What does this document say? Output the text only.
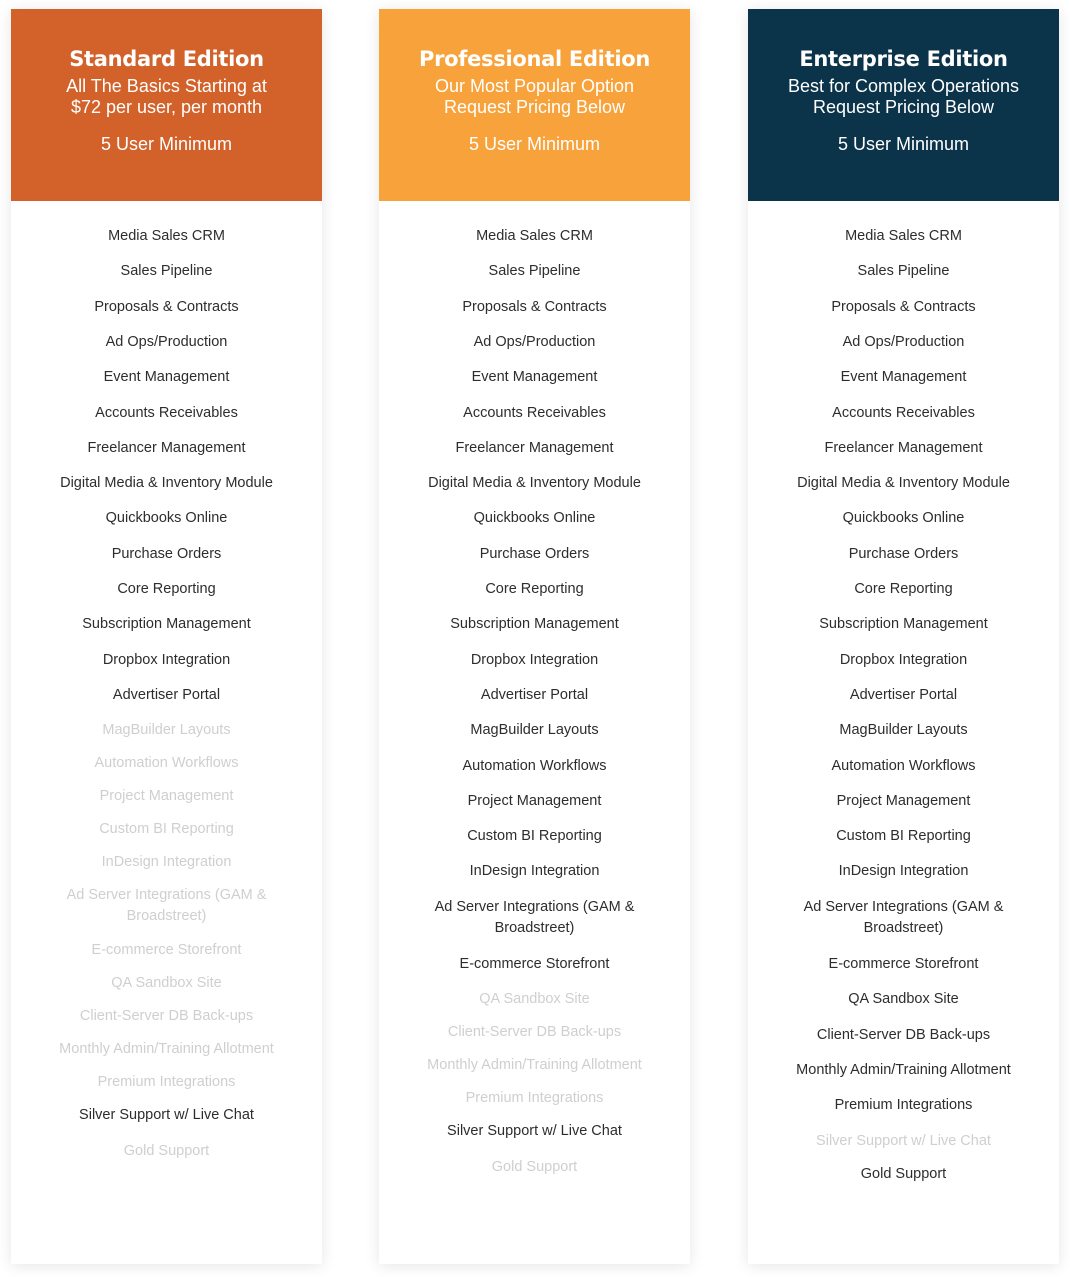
Standard Edition
All The Basics Starting at
$72 per user, per month
5 User Minimum
Media Sales CRM
Sales Pipeline
Proposals & Contracts
Ad Ops/Production
Event Management
Accounts Receivables
Freelancer Management
Digital Media & Inventory Module
Quickbooks Online
Purchase Orders
Core Reporting
Subscription Management
Dropbox Integration
Advertiser Portal
MagBuilder Layouts
Automation Workflows
Project Management
Custom BI Reporting
InDesign Integration
Ad Server Integrations (GAM & Broadstreet)
E-commerce Storefront
QA Sandbox Site
Client-Server DB Back-ups
Monthly Admin/Training Allotment
Premium Integrations
Silver Support w/ Live Chat
Gold Support
Professional Edition
Our Most Popular Option
Request Pricing Below
5 User Minimum
Media Sales CRM
Sales Pipeline
Proposals & Contracts
Ad Ops/Production
Event Management
Accounts Receivables
Freelancer Management
Digital Media & Inventory Module
Quickbooks Online
Purchase Orders
Core Reporting
Subscription Management
Dropbox Integration
Advertiser Portal
MagBuilder Layouts
Automation Workflows
Project Management
Custom BI Reporting
InDesign Integration
Ad Server Integrations (GAM & Broadstreet)
E-commerce Storefront
QA Sandbox Site
Client-Server DB Back-ups
Monthly Admin/Training Allotment
Premium Integrations
Silver Support w/ Live Chat
Gold Support
Enterprise Edition
Best for Complex Operations
Request Pricing Below
5 User Minimum
Media Sales CRM
Sales Pipeline
Proposals & Contracts
Ad Ops/Production
Event Management
Accounts Receivables
Freelancer Management
Digital Media & Inventory Module
Quickbooks Online
Purchase Orders
Core Reporting
Subscription Management
Dropbox Integration
Advertiser Portal
MagBuilder Layouts
Automation Workflows
Project Management
Custom BI Reporting
InDesign Integration
Ad Server Integrations (GAM & Broadstreet)
E-commerce Storefront
QA Sandbox Site
Client-Server DB Back-ups
Monthly Admin/Training Allotment
Premium Integrations
Silver Support w/ Live Chat
Gold Support
